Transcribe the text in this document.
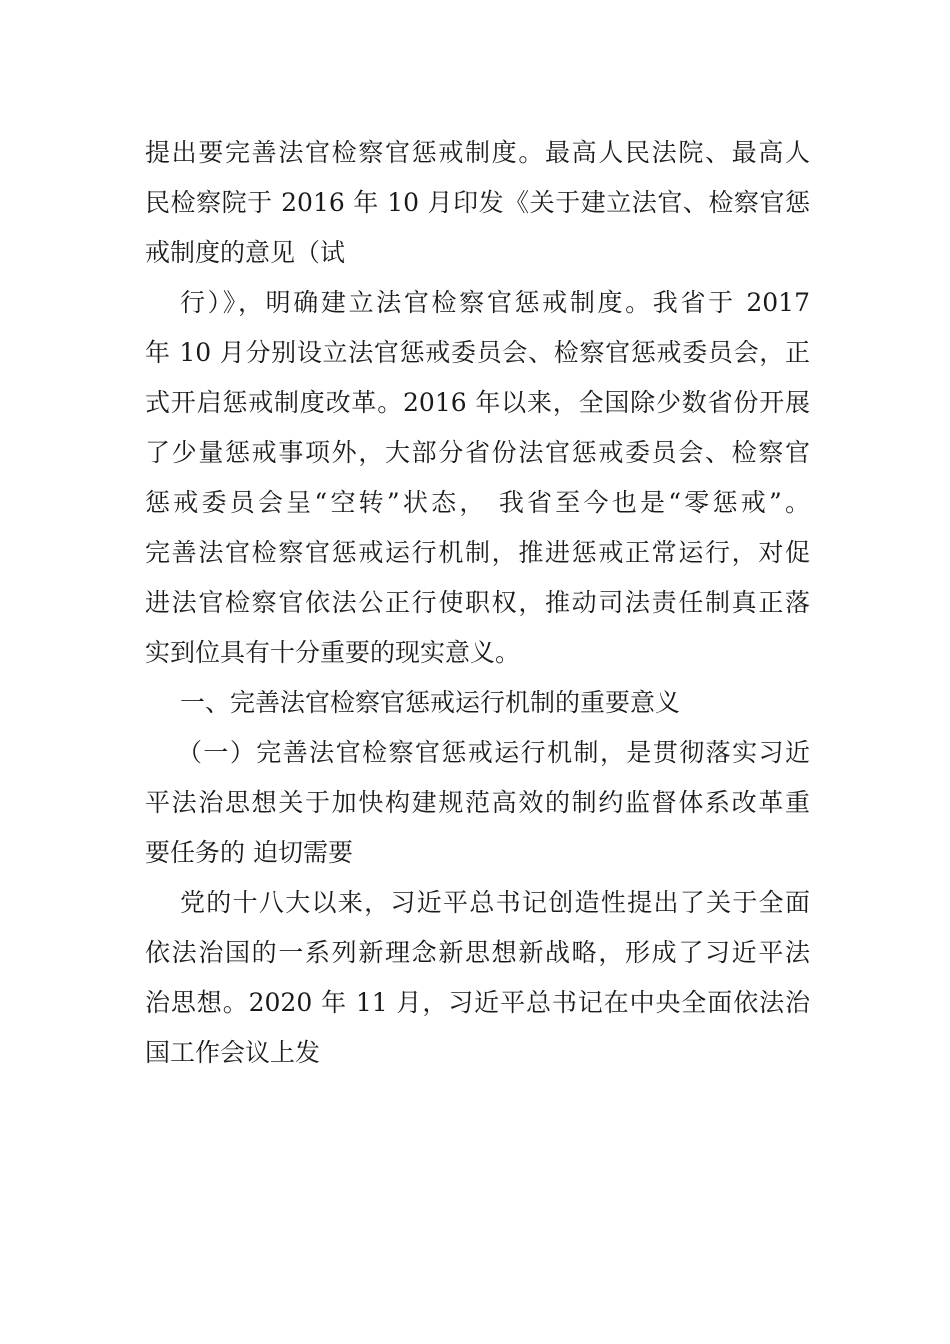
提出要完善法官检察官惩戒制度。最高人民法院、最高人
民检察院于 2016 年 10 月印发《关于建立法官、检察官惩
戒制度的意见（试
行）》，明确建立法官检察官惩戒制度。我省于 2017
年 10 月分别设立法官惩戒委员会、检察官惩戒委员会，正
式开启惩戒制度改革。2016 年以来，全国除少数省份开展
了少量惩戒事项外，大部分省份法官惩戒委员会、检察官
惩戒委员会呈“空转”状态， 我省至今也是“零惩戒”。
完善法官检察官惩戒运行机制，推进惩戒正常运行，对促
进法官检察官依法公正行使职权，推动司法责任制真正落
实到位具有十分重要的现实意义。
一、完善法官检察官惩戒运行机制的重要意义
（一）完善法官检察官惩戒运行机制，是贯彻落实习近
平法治思想关于加快构建规范高效的制约监督体系改革重
要任务的 迫切需要
党的十八大以来，习近平总书记创造性提出了关于全面
依法治国的一系列新理念新思想新战略，形成了习近平法
治思想。2020 年 11 月，习近平总书记在中央全面依法治
国工作会议上发
